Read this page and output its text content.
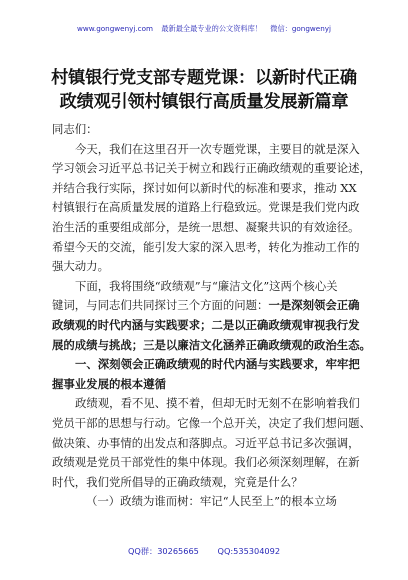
www.gongwenyj.com 最新最全最专业的公文资料库！ 微信：gongwenyj
村镇银行党支部专题党课：以新时代正确
政绩观引领村镇银行高质量发展新篇章
同志们：
今天，我们在这里召开一次专题党课，主要目的就是深入
学习领会习近平总书记关于树立和践行正确政绩观的重要论述，
并结合我行实际，探讨如何以新时代的标准和要求，推动 XX
村镇银行在高质量发展的道路上行稳致远。党课是我们党内政
治生活的重要组成部分，是统一思想、凝聚共识的有效途径。
希望今天的交流，能引发大家的深入思考，转化为推动工作的
强大动力。
下面，我将围绕“政绩观”与“廉洁文化”这两个核心关
键词，与同志们共同探讨三个方面的问题：一是深刻领会正确
政绩观的时代内涵与实践要求；二是以正确政绩观审视我行发
展的成绩与挑战；三是以廉洁文化涵养正确政绩观的政治生态。
一、深刻领会正确政绩观的时代内涵与实践要求，牢牢把
握事业发展的根本遵循
政绩观，看不见、摸不着，但却无时无刻不在影响着我们
党员干部的思想与行动。它像一个总开关，决定了我们想问题、
做决策、办事情的出发点和落脚点。习近平总书记多次强调，
政绩观是党员干部党性的集中体现。我们必须深刻理解，在新
时代，我们党所倡导的正确政绩观，究竟是什么？
（一）政绩为谁而树：牢记“人民至上”的根本立场
QQ群：30265665 QQ:535304092
